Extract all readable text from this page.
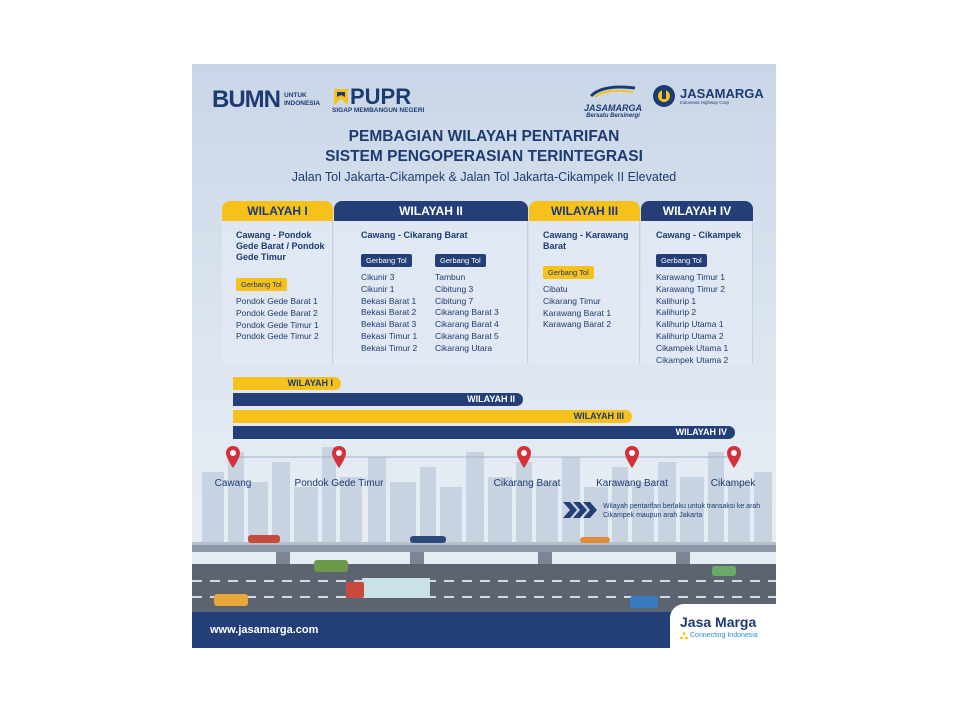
BUMN UNTUK
INDONESIA PUPR
SIGAP MEMBANGUN NEGERI	JASAMARGA
Bersatu Bersinergi
JASAMARGA
Indonesia Highway Corp
PEMBAGIAN WILAYAH PENTARIFAN
SISTEM PENGOPERASIAN TERINTEGRASI
Jalan Tol Jakarta-Cikampek & Jalan Tol Jakarta-Cikampek II Elevated
WILAYAH I
Cawang - Pondok
Gede Barat / Pondok
Gede Timur
Gerbang Tol
Pondok Gede Barat 1
Pondok Gede Barat 2
Pondok Gede Timur 1
Pondok Gede Timur 2
WILAYAH II
Cawang - Cikarang Barat
Gerbang Tol	Gerbang Tol
Cikunir 3
Cikunir 1
Bekasi Barat 1
Bekasi Barat 2
Bekasi Barat 3
Bekasi Timur 1
Bekasi Timur 2
Tambun
Cibitung 3
Cibitung 7
Cikarang Barat 3
Cikarang Barat 4
Cikarang Barat 5
Cikarang Utara
WILAYAH III
Cawang - Karawang
Barat
Gerbang Tol
Cibatu
Cikarang Timur
Karawang Barat 1
Karawang Barat 2
WILAYAH IV
Cawang - Cikampek
Gerbang Tol
Karawang Timur 1
Karawang Timur 2
Kalihurip 1
Kalihurip 2
Kalihurip Utama 1
Kalihurip Utama 2
Cikampek Utama 1
Cikampek Utama 2
WILAYAH I
WILAYAH II
WILAYAH III
WILAYAH IV
Cawang	Pondok Gede Timur	Cikarang Barat	Karawang Barat	Cikampek
Wilayah pentarifan berlaku untuk transaksi ke arah Cikampek maupun arah Jakarta
www.jasamarga.com	Jasa Marga
Connecting Indonesia
